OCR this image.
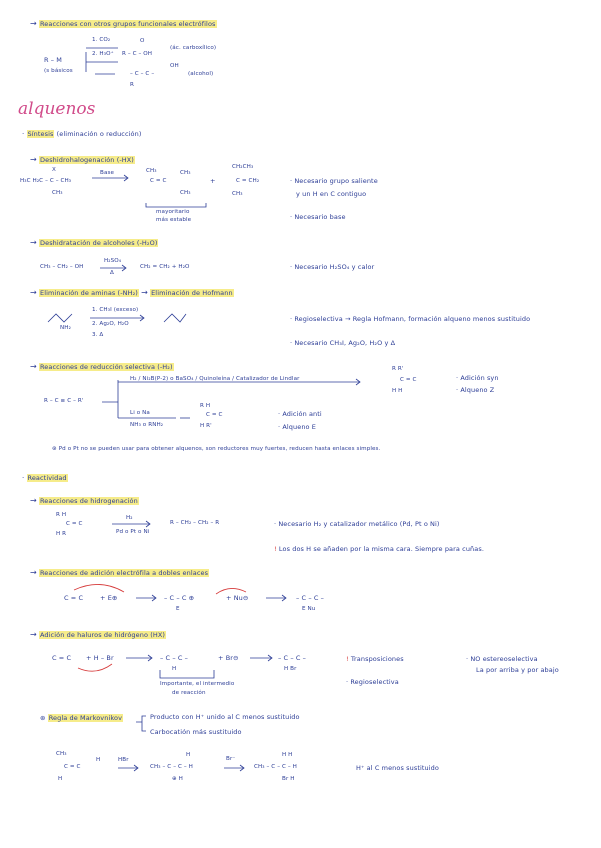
→ Reacciones con otros grupos funcionales electrófilos
R – M
(s básicos
1. CO₂
2. H₃O⁺
O
R – C – OH
(ác. carboxílico)
OH
– C – C –
R
(alcohol)
alquenos
· Síntesis (eliminación o reducción)
→ Deshidrohalogenación (-HX)
X
H₃C H₂C – C – CH₃
CH₃
Base	CH₃
C = C
CH₃
CH₃
+
CH₂CH₃
C = CH₂
CH₃
mayoritario
más estable
· Necesario grupo saliente
y un H en C contiguo
· Necesario base
→ Deshidratación de alcoholes (-H₂O)
CH₃ – CH₂ – OH
H₂SO₄
Δ
CH₂ = CH₂ + H₂O	· Necesario H₂SO₄ y calor
→ Eliminación de aminas (-NH₂) → Eliminación de Hofmann
NH₂
1. CH₃I (exceso)
2. Ag₂O, H₂O
3. Δ
· Regioselectiva → Regla Hofmann, formación alqueno menos sustituido
· Necesario CH₃I, Ag₂O, H₂O y Δ
→ Reacciones de reducción selectiva (-H₂)
R – C ≡ C – R'
H₂ / Ni₂B(P-2) o BaSO₄ / Quinoleína / Catalizador de Lindlar
Li o Na
NH₃ o RNH₂
R R'
C = C
H H
R H
C = C
H R'
· Adición syn
· Alqueno Z
· Adición anti
· Alqueno E
⊛ Pd o Pt no se pueden usar para obtener alquenos, son reductores muy fuertes, reducen hasta enlaces simples.
· Reactividad
→ Reacciones de hidrogenación
R H
C = C
H R
H₂
Pd o Pt o Ni
R – CH₂ – CH₂ – R	· Necesario H₂ y catalizador metálico (Pd, Pt o Ni)
! Los dos H se añaden por la misma cara. Siempre para cuñas.
→ Reacciones de adición electrófila a dobles enlaces
C = C	+ E⊕	– C – C ⊕
E
+ Nu⊖	– C – C –
E Nu
→ Adición de haluros de hidrógeno (HX)
C = C + H – Br	– C – C –
H
+ Br⊖	– C – C –
H Br
Importante, el intermedio
de reacción
! Transposiciones
· Regioselectiva
· NO estereoselectiva
La por arriba y por abajo
⊛ Regla de Markovnikov	Producto con H⁺ unido al C menos sustituido
Carbocatión más sustituido
CH₃
C = C
H
H
HBr
H
CH₃ – C – C – H
⊕ H
Br⁻
H H
CH₃ – C – C – H
Br H
H⁺ al C menos sustituido
